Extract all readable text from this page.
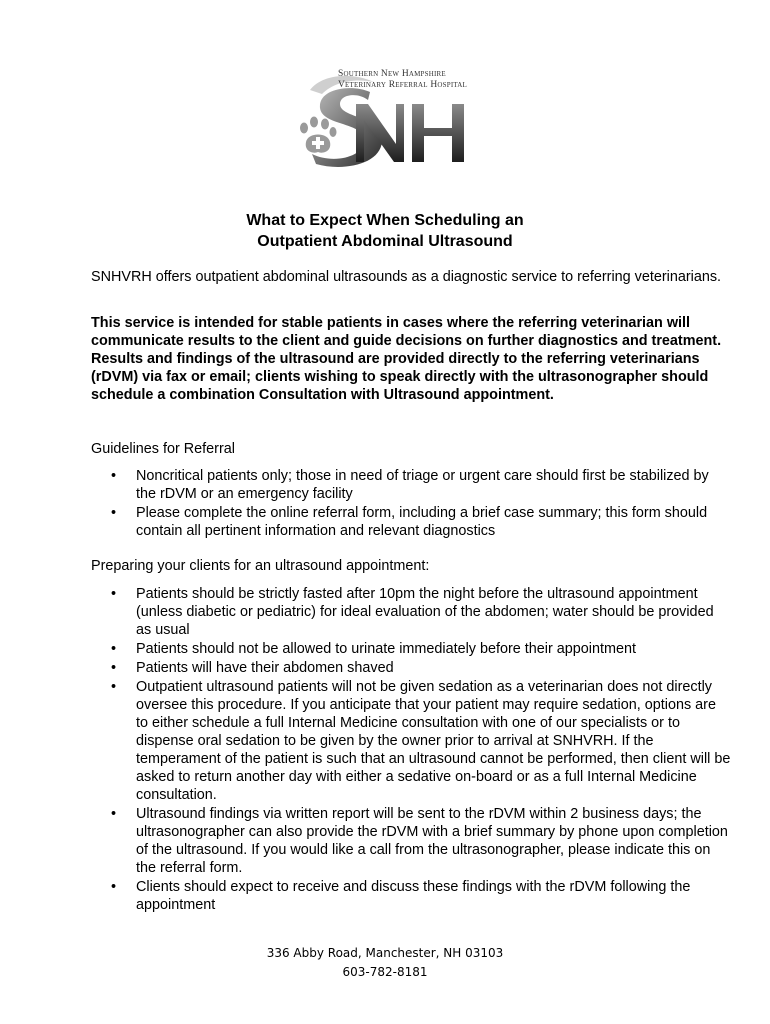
Southern New Hampshire
Veterinary Referral Hospital
What to Expect When Scheduling an
Outpatient Abdominal Ultrasound

SNHVRH offers outpatient abdominal ultrasounds as a diagnostic service to referring veterinarians.

This service is intended for stable patients in cases where the referring veterinarian will communicate results to the client and guide decisions on further diagnostics and treatment. Results and findings of the ultrasound are provided directly to the referring veterinarians (rDVM) via fax or email; clients wishing to speak directly with the ultrasonographer should schedule a combination Consultation with Ultrasound appointment.

Guidelines for Referral

• Noncritical patients only; those in need of triage or urgent care should first be stabilized by the rDVM or an emergency facility
• Please complete the online referral form, including a brief case summary; this form should contain all pertinent information and relevant diagnostics

Preparing your clients for an ultrasound appointment:

• Patients should be strictly fasted after 10pm the night before the ultrasound appointment (unless diabetic or pediatric) for ideal evaluation of the abdomen; water should be provided as usual
• Patients should not be allowed to urinate immediately before their appointment
• Patients will have their abdomen shaved
• Outpatient ultrasound patients will not be given sedation as a veterinarian does not directly oversee this procedure. If you anticipate that your patient may require sedation, options are to either schedule a full Internal Medicine consultation with one of our specialists or to dispense oral sedation to be given by the owner prior to arrival at SNHVRH. If the temperament of the patient is such that an ultrasound cannot be performed, then client will be asked to return another day with either a sedative on-board or as a full Internal Medicine consultation.
• Ultrasound findings via written report will be sent to the rDVM within 2 business days; the ultrasonographer can also provide the rDVM with a brief summary by phone upon completion of the ultrasound. If you would like a call from the ultrasonographer, please indicate this on the referral form.
• Clients should expect to receive and discuss these findings with the rDVM following the appointment
336 Abby Road, Manchester, NH 03103
603-782-8181
